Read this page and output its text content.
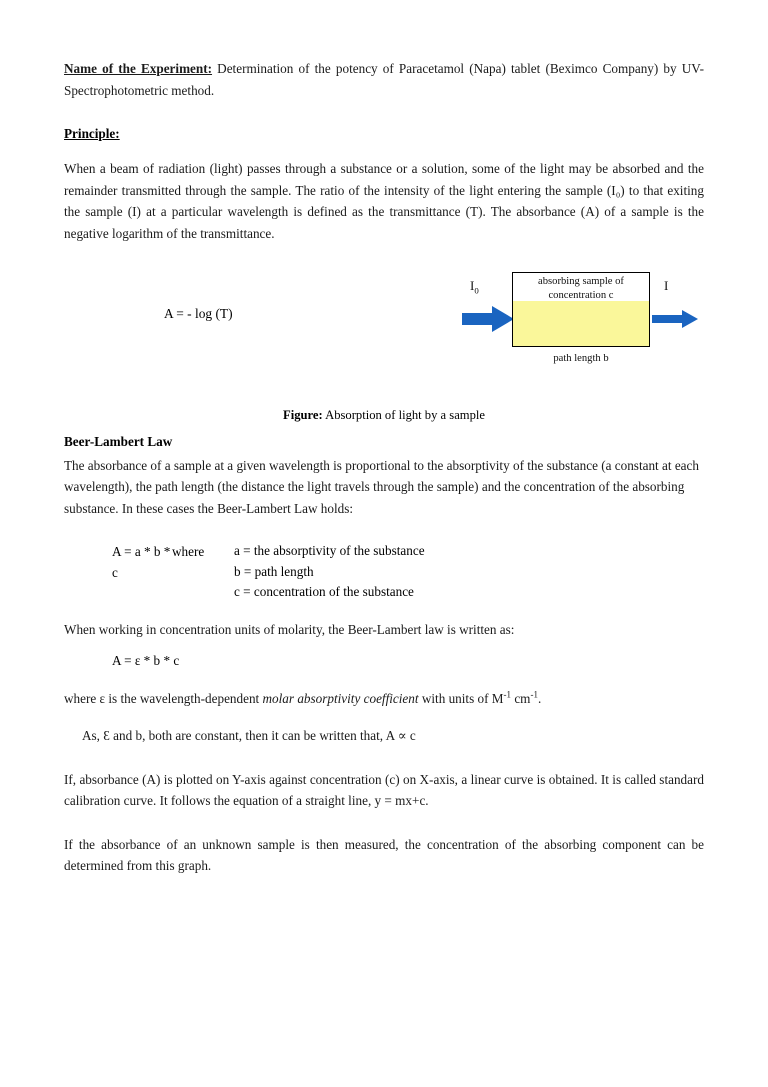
Name of the Experiment: Determination of the potency of Paracetamol (Napa) tablet (Beximco Company) by UV-Spectrophotometric method.

Principle:

When a beam of radiation (light) passes through a substance or a solution, some of the light may be absorbed and the remainder transmitted through the sample. The ratio of the intensity of the light entering the sample (I₀) to that exiting the sample (I) at a particular wavelength is defined as the transmittance (T). The absorbance (A) of a sample is the negative logarithm of the transmittance.

A = - log (T)
$I_0$
absorbing sample of
concentration c
I
path length b
Figure: Absorption of light by a sample

Beer-Lambert Law

The absorbance of a sample at a given wavelength is proportional to the absorptivity of the substance (a constant at each wavelength), the path length (the distance the light travels through the sample) and the concentration of the absorbing substance. In these cases the Beer-Lambert Law holds:

A = a * b * c
where	a = the absorptivity of the substance
b = path length
c = concentration of the substance

When working in concentration units of molarity, the Beer-Lambert law is written as:

A = ε * b * c

where ε is the wavelength-dependent molar absorptivity coefficient with units of $M^{-1}$ $cm^{-1}$.

As, Ɛ and b, both are constant, then it can be written that, A ∝ c

If, absorbance (A) is plotted on Y-axis against concentration (c) on X-axis, a linear curve is obtained. It is called standard calibration curve. It follows the equation of a straight line, y = mx+c.

If the absorbance of an unknown sample is then measured, the concentration of the absorbing component can be determined from this graph.
